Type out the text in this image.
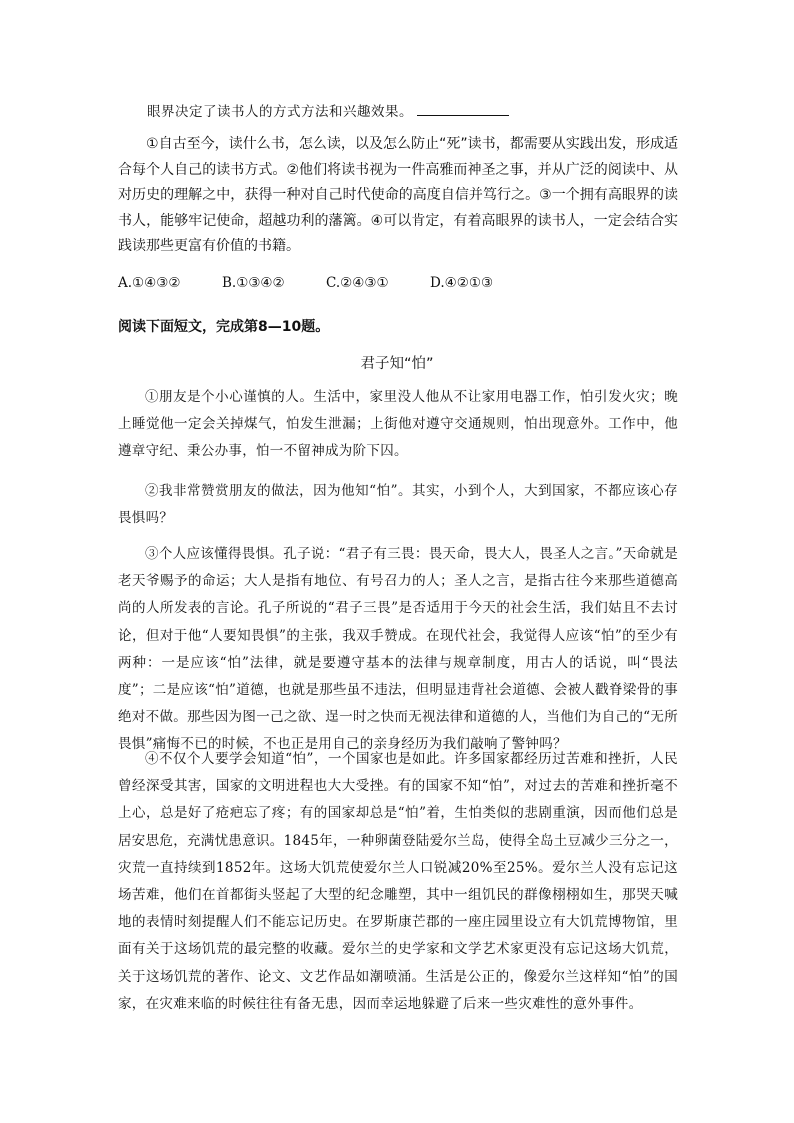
眼界决定了读书人的方式方法和兴趣效果。
①自古至今，读什么书，怎么读，以及怎么防止“死”读书，都需要从实践出发，形成适合每个人自己的读书方式。②他们将读书视为一件高雅而神圣之事，并从广泛的阅读中、从对历史的理解之中，获得一种对自己时代使命的高度自信并笃行之。③一个拥有高眼界的读书人，能够牢记使命，超越功利的藩篱。④可以肯定，有着高眼界的读书人，一定会结合实践读那些更富有价值的书籍。
A.①④③②	B.①③④②	C.②④③①	D.④②①③
阅读下面短文，完成第8—10题。
君子知“怕”
①朋友是个小心谨慎的人。生活中，家里没人他从不让家用电器工作，怕引发火灾；晚上睡觉他一定会关掉煤气，怕发生泄漏；上街他对遵守交通规则，怕出现意外。工作中，他遵章守纪、秉公办事，怕一不留神成为阶下囚。
②我非常赞赏朋友的做法，因为他知“怕”。其实，小到个人，大到国家，不都应该心存畏惧吗？
③个人应该懂得畏惧。孔子说：“君子有三畏：畏天命，畏大人，畏圣人之言。”天命就是老天爷赐予的命运；大人是指有地位、有号召力的人；圣人之言，是指古往今来那些道德高尚的人所发表的言论。孔子所说的“君子三畏”是否适用于今天的社会生活，我们姑且不去讨论，但对于他“人要知畏惧”的主张，我双手赞成。在现代社会，我觉得人应该“怕”的至少有两种：一是应该“怕”法律，就是要遵守基本的法律与规章制度，用古人的话说，叫“畏法度”；二是应该“怕”道德，也就是那些虽不违法，但明显违背社会道德、会被人戳脊梁骨的事绝对不做。那些因为图一己之欲、逞一时之快而无视法律和道德的人，当他们为自己的“无所畏惧”痛悔不已的时候，不也正是用自己的亲身经历为我们敲响了警钟吗？
④不仅个人要学会知道“怕”，一个国家也是如此。许多国家都经历过苦难和挫折，人民曾经深受其害，国家的文明进程也大大受挫。有的国家不知“怕”，对过去的苦难和挫折毫不上心，总是好了疮疤忘了疼；有的国家却总是“怕”着，生怕类似的悲剧重演，因而他们总是居安思危，充满忧患意识。1845年，一种卵菌登陆爱尔兰岛，使得全岛土豆减少三分之一，灾荒一直持续到1852年。这场大饥荒使爱尔兰人口锐减20%至25%。爱尔兰人没有忘记这场苦难，他们在首都街头竖起了大型的纪念雕塑，其中一组饥民的群像栩栩如生，那哭天喊地的表情时刻提醒人们不能忘记历史。在罗斯康芒郡的一座庄园里设立有大饥荒博物馆，里面有关于这场饥荒的最完整的收藏。爱尔兰的史学家和文学艺术家更没有忘记这场大饥荒，关于这场饥荒的著作、论文、文艺作品如潮喷涌。生活是公正的，像爱尔兰这样知“怕”的国家，在灾难来临的时候往往有备无患，因而幸运地躲避了后来一些灾难性的意外事件。
